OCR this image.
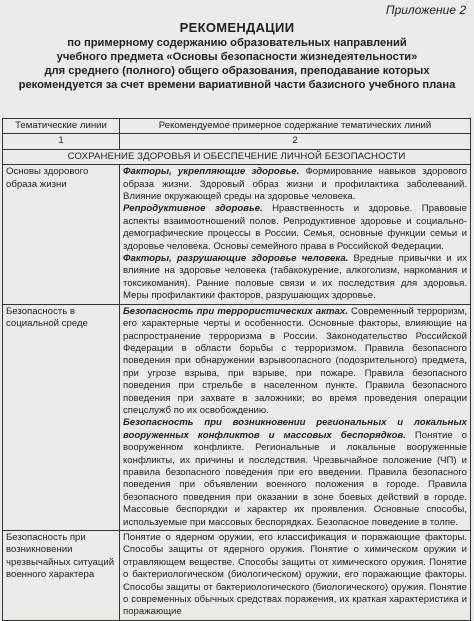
Приложение 2
РЕКОМЕНДАЦИИ
по примерному содержанию образовательных направлений
учебного предмета «Основы безопасности жизнедеятельности»
для среднего (полного) общего образования, преподавание которых
рекомендуется за счет времени вариативной части базисного учебного плана
Тематические линии	Рекомендуемое примерное содержание тематических линий
1	2
СОХРАНЕНИЕ ЗДОРОВЬЯ И ОБЕСПЕЧЕНИЕ ЛИЧНОЙ БЕЗОПАСНОСТИ	
Основы здорового образа жизни	Факторы, укрепляющие здоровье. Формирование навыков здорового образа жизни. Здоровый образ жизни и профилактика заболеваний. Влияние окружающей среды на здоровье человека.
Репродуктивное здоровье. Нравственность и здоровье. Правовые аспекты взаимоотношений полов. Репродуктивное здоровье и социально-демографические процессы в России. Семья, основные функции семьи и здоровье человека. Основы семейного права в Российской Федерации.
Факторы, разрушающие здоровье человека. Вредные привычки и их влияние на здоровье человека (табакокурение, алкоголизм, наркомания и токсикомания). Ранние половые связи и их последствия для здоровья. Меры профилактики факторов, разрушающих здоровье.

Безопасность в социальной среде	Безопасность при террористических актах. Современный терроризм, его характерные черты и особенности. Основные факторы, влияющие на распространение терроризма в России. Законодательство Российской Федерации в области борьбы с терроризмом. Правила безопасного поведения при обнаружении взрывоопасного (подозрительного) предмета, при угрозе взрыва, при взрыве, при пожаре. Правила безопасного поведения при стрельбе в населенном пункте. Правила безопасного поведения при захвате в заложники; во время проведения операции спецслужб по их освобождению.
Безопасность при возникновении региональных и локальных вооруженных конфликтов и массовых беспорядков. Понятие о вооруженном конфликте. Региональные и локальные вооруженные конфликты, их причины и последствия. Чрезвычайное положение (ЧП) и правила безопасного поведения при его введении. Правила безопасного поведения при объявлении военного положения в городе. Правила безопасного поведения при оказании в зоне боевых действий в городе. Массовые беспорядки и характер их проявления. Основные способы, используемые при массовых беспорядках. Безопасное поведение в толпе.

Безопасность при возникновении чрезвычайных ситуаций военного характера	Понятие о ядерном оружии, его классификация и поражающие факторы. Способы защиты от ядерного оружия. Понятие о химическом оружии и отравляющем веществе. Способы защиты от химического оружия. Понятие о бактериологическом (биологическом) оружии, его поражающие факторы. Способы защиты от бактериологического (биологического) оружия. Понятие о современных обычных средствах поражения, их краткая характеристика и поражающие
